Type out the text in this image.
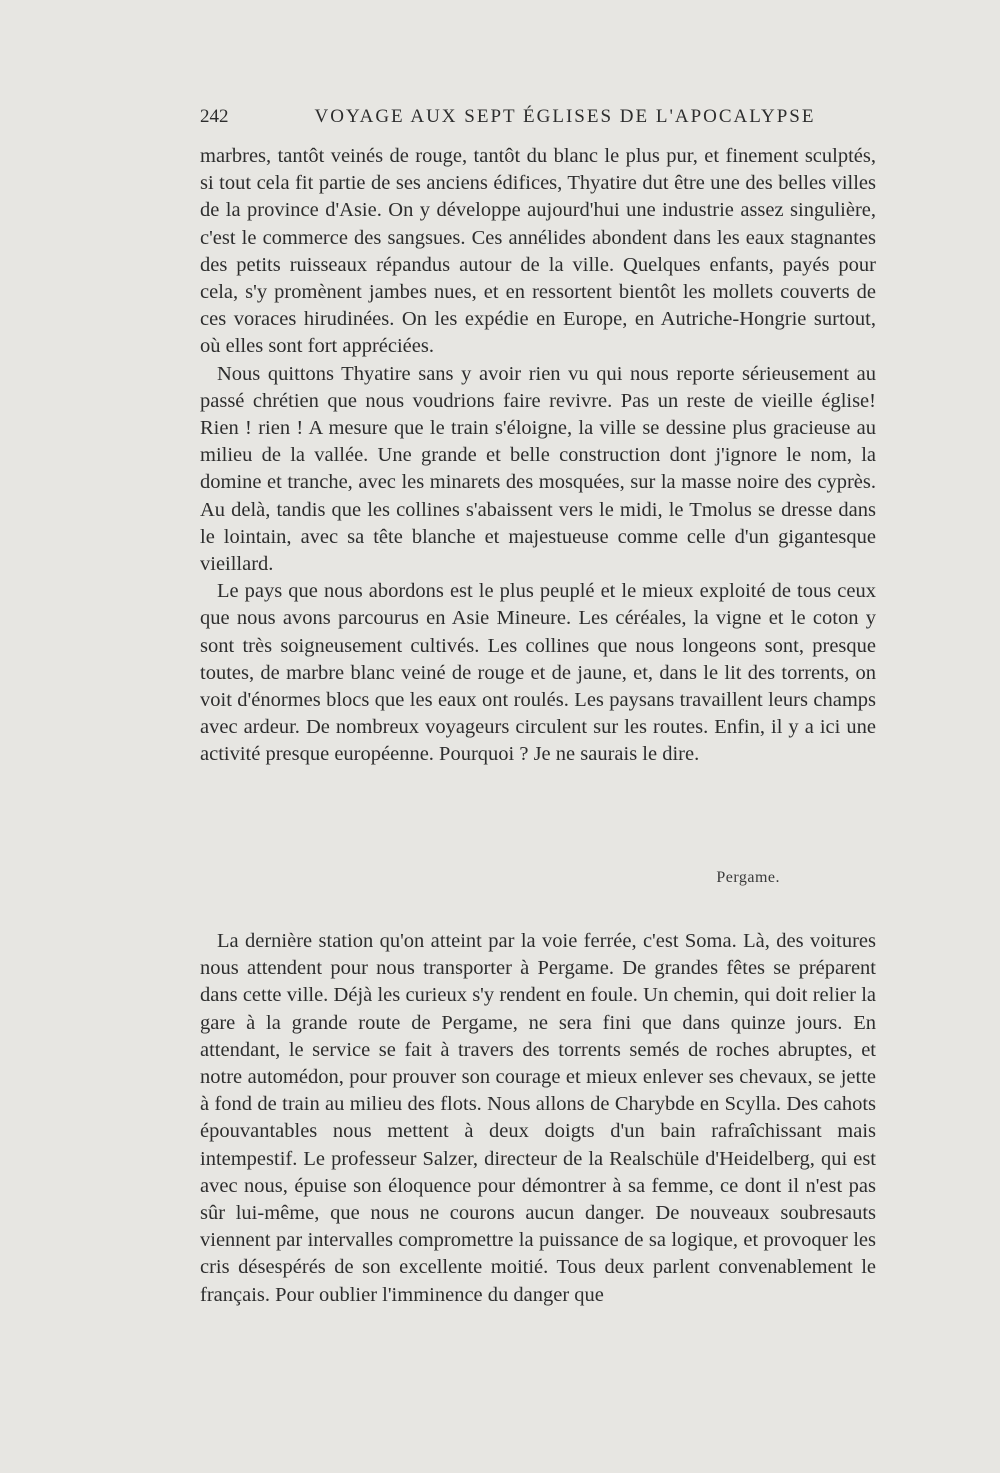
242	VOYAGE AUX SEPT ÉGLISES DE L'APOCALYPSE

marbres, tantôt veinés de rouge, tantôt du blanc le plus pur, et finement sculptés, si tout cela fit partie de ses anciens édifices, Thyatire dut être une des belles villes de la province d'Asie. On y développe aujourd'hui une industrie assez singulière, c'est le commerce des sangsues. Ces annélides abondent dans les eaux stagnantes des petits ruisseaux répandus autour de la ville. Quelques enfants, payés pour cela, s'y promènent jambes nues, et en ressortent bientôt les mollets couverts de ces voraces hirudinées. On les expédie en Europe, en Autriche-Hongrie surtout, où elles sont fort appréciées.

Nous quittons Thyatire sans y avoir rien vu qui nous reporte sérieusement au passé chrétien que nous voudrions faire revivre. Pas un reste de vieille église! Rien ! rien ! A mesure que le train s'éloigne, la ville se dessine plus gracieuse au milieu de la vallée. Une grande et belle construction dont j'ignore le nom, la domine et tranche, avec les minarets des mosquées, sur la masse noire des cyprès. Au delà, tandis que les collines s'abaissent vers le midi, le Tmolus se dresse dans le lointain, avec sa tête blanche et majestueuse comme celle d'un gigantesque vieillard.

Le pays que nous abordons est le plus peuplé et le mieux exploité de tous ceux que nous avons parcourus en Asie Mineure. Les céréales, la vigne et le coton y sont très soigneusement cultivés. Les collines que nous longeons sont, presque toutes, de marbre blanc veiné de rouge et de jaune, et, dans le lit des torrents, on voit d'énormes blocs que les eaux ont roulés. Les paysans travaillent leurs champs avec ardeur. De nombreux voyageurs circulent sur les routes. Enfin, il y a ici une activité presque européenne. Pourquoi ? Je ne saurais le dire.

Pergame.

La dernière station qu'on atteint par la voie ferrée, c'est Soma. Là, des voitures nous attendent pour nous transporter à Pergame. De grandes fêtes se préparent dans cette ville. Déjà les curieux s'y rendent en foule. Un chemin, qui doit relier la gare à la grande route de Pergame, ne sera fini que dans quinze jours. En attendant, le service se fait à travers des torrents semés de roches abruptes, et notre automédon, pour prouver son courage et mieux enlever ses chevaux, se jette à fond de train au milieu des flots. Nous allons de Charybde en Scylla. Des cahots épouvantables nous mettent à deux doigts d'un bain rafraîchissant mais intempestif. Le professeur Salzer, directeur de la Realschüle d'Heidelberg, qui est avec nous, épuise son éloquence pour démontrer à sa femme, ce dont il n'est pas sûr lui-même, que nous ne courons aucun danger. De nouveaux soubresauts viennent par intervalles compromettre la puissance de sa logique, et provoquer les cris désespérés de son excellente moitié. Tous deux parlent convenablement le français. Pour oublier l'imminence du danger que
